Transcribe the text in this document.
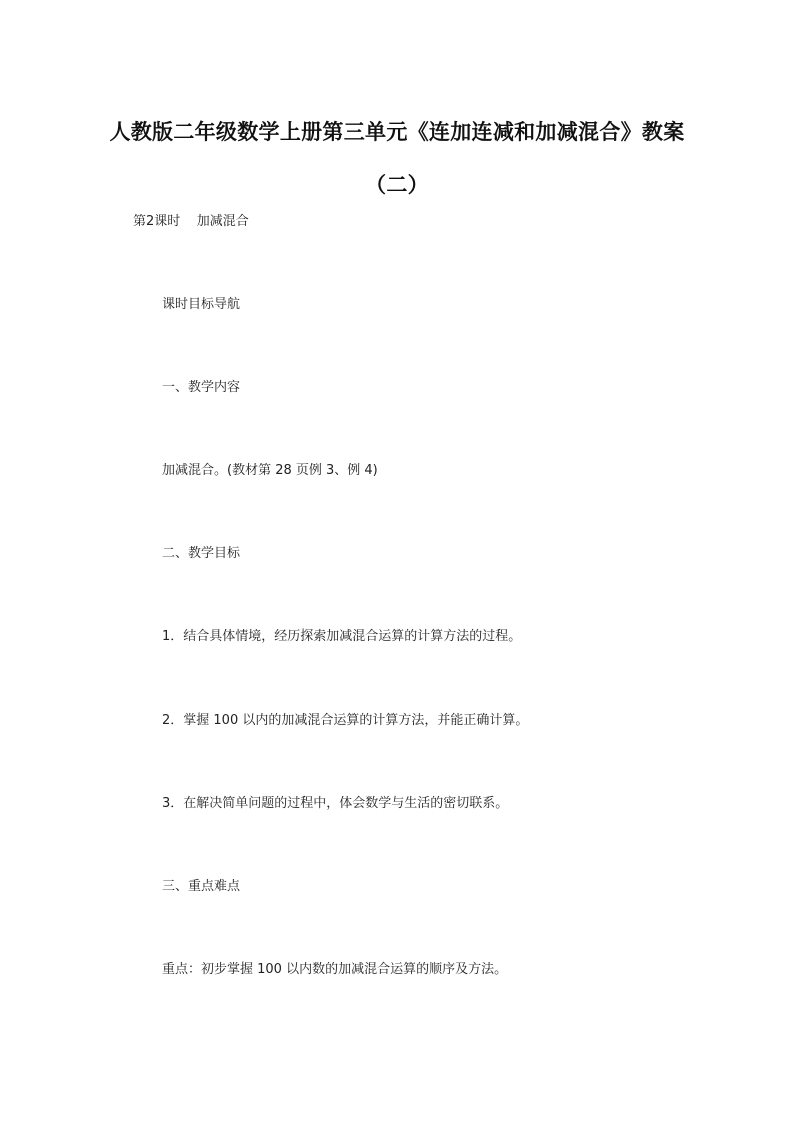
人教版二年级数学上册第三单元《连加连减和加减混合》教案
（二）
第2课时    加减混合
课时目标导航
一、教学内容
加减混合。(教材第 28 页例 3、例 4)
二、教学目标
1．结合具体情境，经历探索加减混合运算的计算方法的过程。
2．掌握 100 以内的加减混合运算的计算方法，并能正确计算。
3．在解决简单问题的过程中，体会数学与生活的密切联系。
三、重点难点
重点：初步掌握 100 以内数的加减混合运算的顺序及方法。
